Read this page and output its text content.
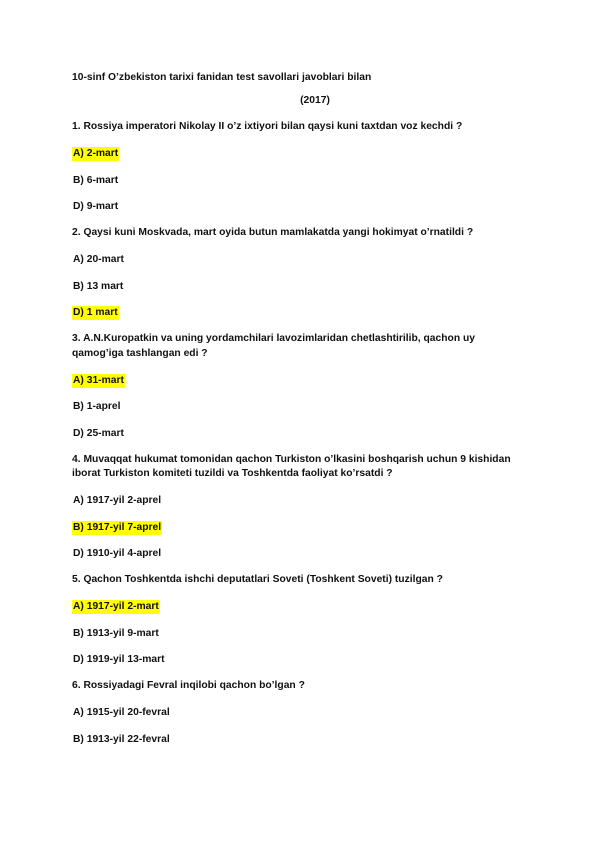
10-sinf O’zbekiston tarixi fanidan test savollari javoblari bilan

(2017)

1. Rossiya imperatori Nikolay II o’z ixtiyori bilan qaysi kuni taxtdan voz kechdi ?

A) 2-mart

B) 6-mart

D) 9-mart

2. Qaysi kuni Moskvada, mart oyida butun mamlakatda yangi hokimyat o’rnatildi ?

A) 20-mart

B) 13 mart

D) 1 mart

3. A.N.Kuropatkin va uning yordamchilari lavozimlaridan chetlashtirilib, qachon uy qamog’iga tashlangan edi ?

A) 31-mart

B) 1-aprel

D) 25-mart

4. Muvaqqat hukumat tomonidan qachon Turkiston o’lkasini boshqarish uchun 9 kishidan iborat Turkiston komiteti tuzildi va Toshkentda faoliyat ko’rsatdi ?

A) 1917-yil 2-aprel

B) 1917-yil 7-aprel

D) 1910-yil 4-aprel

5. Qachon Toshkentda ishchi deputatlari Soveti (Toshkent Soveti) tuzilgan ?

A) 1917-yil 2-mart

B) 1913-yil 9-mart

D) 1919-yil 13-mart

6. Rossiyadagi Fevral inqilobi qachon bo’lgan ?

A) 1915-yil 20-fevral

B) 1913-yil 22-fevral
